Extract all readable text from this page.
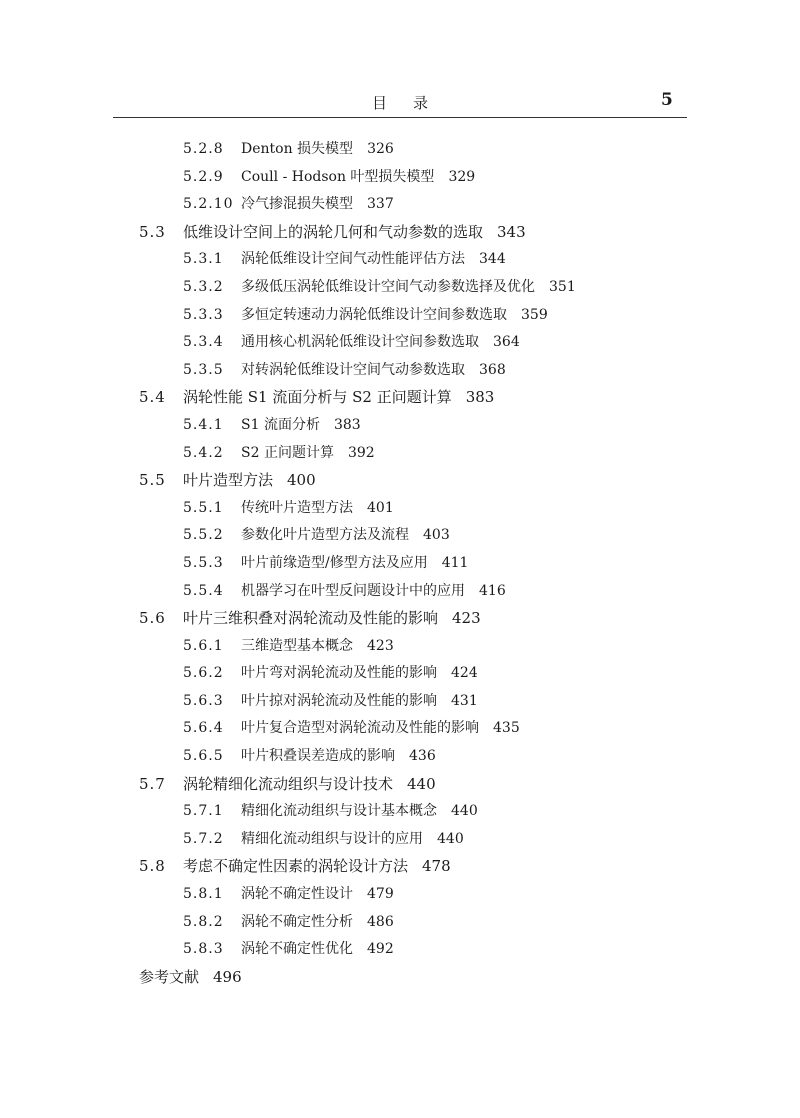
目录	5
5.2.8 Denton 损失模型 326
5.2.9 Coull - Hodson 叶型损失模型 329
5.2.10 冷气掺混损失模型 337
5.3 低维设计空间上的涡轮几何和气动参数的选取 343
5.3.1 涡轮低维设计空间气动性能评估方法 344
5.3.2 多级低压涡轮低维设计空间气动参数选择及优化 351
5.3.3 多恒定转速动力涡轮低维设计空间参数选取 359
5.3.4 通用核心机涡轮低维设计空间参数选取 364
5.3.5 对转涡轮低维设计空间气动参数选取 368
5.4 涡轮性能 S1 流面分析与 S2 正问题计算 383
5.4.1 S1 流面分析 383
5.4.2 S2 正问题计算 392
5.5 叶片造型方法 400
5.5.1 传统叶片造型方法 401
5.5.2 参数化叶片造型方法及流程 403
5.5.3 叶片前缘造型/修型方法及应用 411
5.5.4 机器学习在叶型反问题设计中的应用 416
5.6 叶片三维积叠对涡轮流动及性能的影响 423
5.6.1 三维造型基本概念 423
5.6.2 叶片弯对涡轮流动及性能的影响 424
5.6.3 叶片掠对涡轮流动及性能的影响 431
5.6.4 叶片复合造型对涡轮流动及性能的影响 435
5.6.5 叶片积叠误差造成的影响 436
5.7 涡轮精细化流动组织与设计技术 440
5.7.1 精细化流动组织与设计基本概念 440
5.7.2 精细化流动组织与设计的应用 440
5.8 考虑不确定性因素的涡轮设计方法 478
5.8.1 涡轮不确定性设计 479
5.8.2 涡轮不确定性分析 486
5.8.3 涡轮不确定性优化 492
参考文献 496
